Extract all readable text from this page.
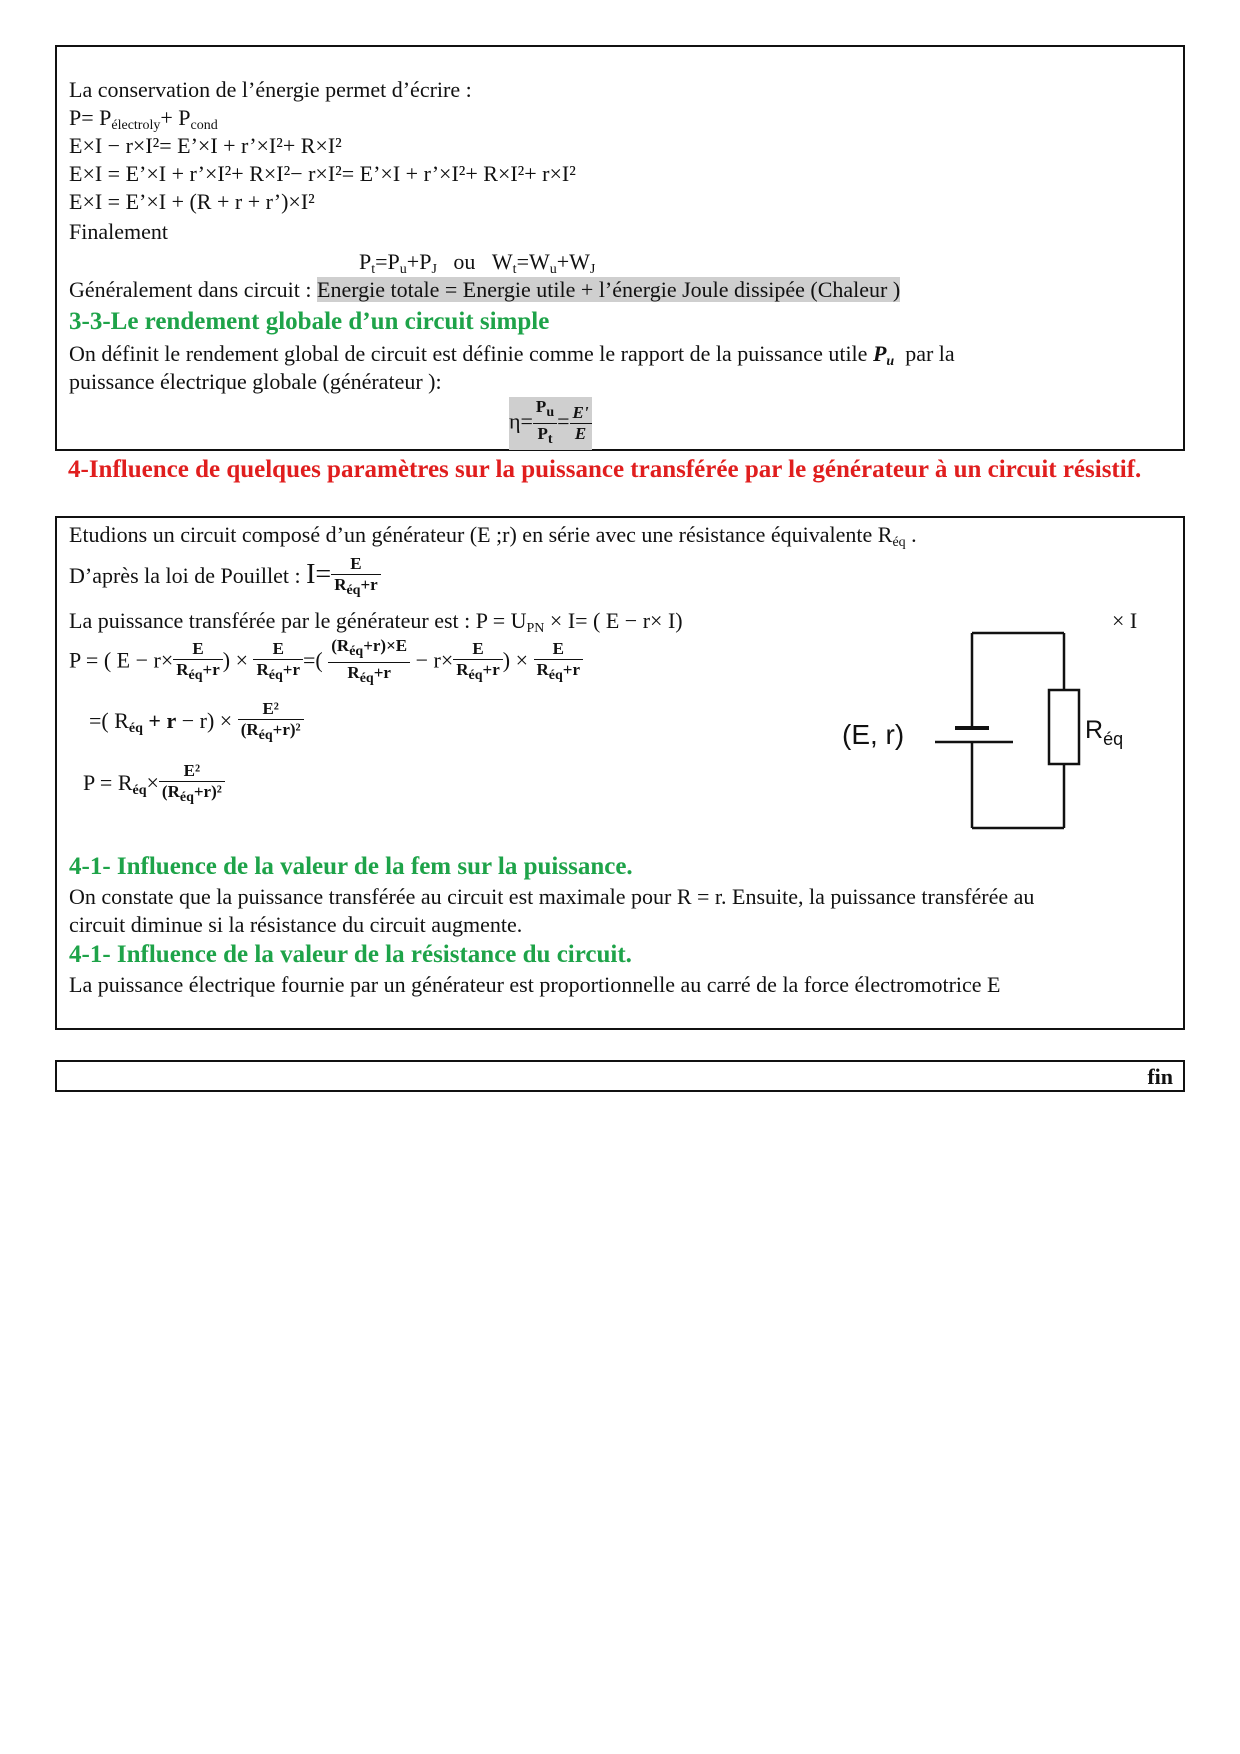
La conservation de l’énergie permet d’écrire :
$P= P_{électroly}+ P_{cond}$
E×I − r×I²= E’×I + r’×I²+ R×I²
E×I = E’×I + r’×I²+ R×I²− r×I²= E’×I + r’×I²+ R×I²+ r×I²
E×I = E’×I + (R + r + r’)×I²
Finalement
$P_t=P_u+P_J$ ou $W_t=W_u+W_J$
Généralement dans circuit : Energie totale = Energie utile + l’énergie Joule dissipée (Chaleur )
3-3-Le rendement globale d’un circuit simple
On définit le rendement global de circuit est définie comme le rapport de la puissance utile $P_u$ par la
puissance électrique globale (générateur ):
$\eta= \frac{P_u}{P_t} = \frac{E'}{E}$
4-Influence de quelques paramètres sur la puissance transférée par le générateur à un circuit résistif.
Etudions un circuit composé d’un générateur (E ;r) en série avec une résistance équivalente $R_{éq}$ .
D’après la loi de Pouillet : $I= \frac{E}{R_{éq}+r}$
La puissance transférée par le générateur est : $P = U_{PN} \times I=$ ( E − r× I)	× I
P = ( $E - r\times \frac{E}{R_{éq}+r}$ ) × $\frac{E}{R_{éq}+r}$ =( $\frac{(R_{éq}+r)\times E}{R_{éq}+r} - r\times \frac{E}{R_{éq}+r}$ ) × $\frac{E}{R_{éq}+r}$
=( $R_{éq} + r - r) \times \frac{\text{E²}}{(R_{éq}+r)^2}$
$P = R_{éq}\times \frac{\text{E²}}{(R_{éq}+r)^2}$
(E, r)	$R_{éq}$
4-1- Influence de la valeur de la fem sur la puissance.
On constate que la puissance transférée au circuit est maximale pour R = r. Ensuite, la puissance transférée au
circuit diminue si la résistance du circuit augmente.
4-1- Influence de la valeur de la résistance du circuit.
La puissance électrique fournie par un générateur est proportionnelle au carré de la force électromotrice E
fin
